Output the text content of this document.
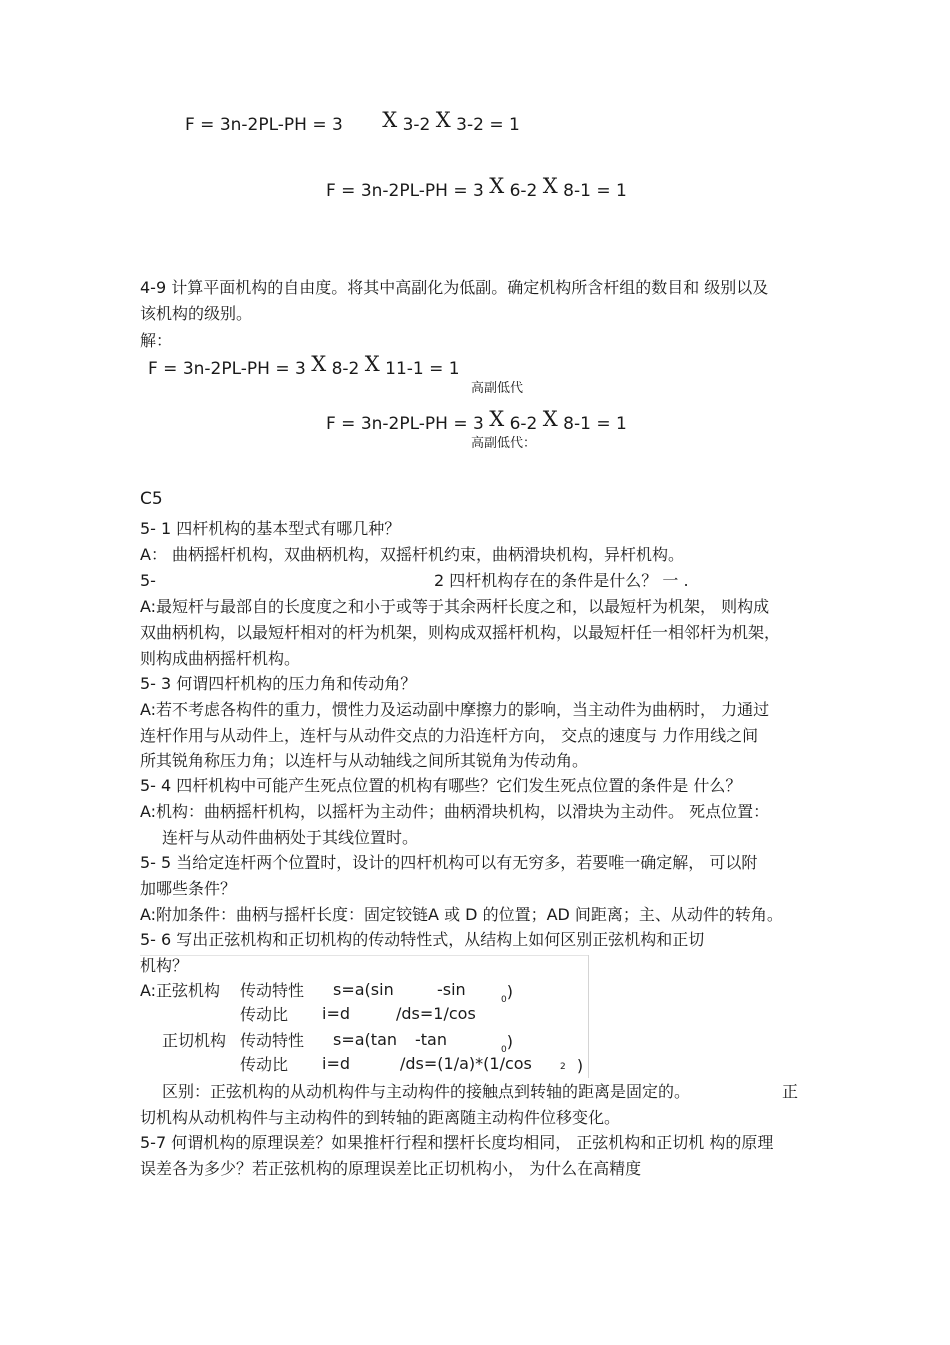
F = 3n-2PL-PH = 3 X 3-2 X 3-2 = 1
F = 3n-2PL-PH = 3 X 6-2 X 8-1 = 1
4-9 计算平面机构的自由度。将其中高副化为低副。确定机构所含杆组的数目和 级别以及
该机构的级别。
解：
F = 3n-2PL-PH = 3 X 8-2 X 11-1 = 1
高副低代
F = 3n-2PL-PH = 3 X 6-2 X 8-1 = 1
高副低代：
C5
5- 1 四杆机构的基本型式有哪几种？
A： 曲柄摇杆机构，双曲柄机构，双摇杆机约束，曲柄滑块机构，异杆机构。
5-	2 四杆机构存在的条件是什么？ 一 .
A:最短杆与最部自的长度度之和小于或等于其余两杆长度之和，以最短杆为机架， 则构成
双曲柄机构，以最短杆相对的杆为机架，则构成双摇杆机构，以最短杆任一相邻杆为机架，
则构成曲柄摇杆机构。
5- 3 何谓四杆机构的压力角和传动角？
A:若不考虑各构件的重力，惯性力及运动副中摩擦力的影响，当主动件为曲柄时， 力通过
连杆作用与从动件上，连杆与从动件交点的力沿连杆方向， 交点的速度与 力作用线之间
所其锐角称压力角；以连杆与从动轴线之间所其锐角为传动角。
5- 4 四杆机构中可能产生死点位置的机构有哪些？它们发生死点位置的条件是 什么？
A:机构：曲柄摇杆机构，以摇杆为主动件；曲柄滑块机构，以滑块为主动件。 死点位置：
连杆与从动件曲柄处于其线位置时。
5- 5 当给定连杆两个位置时，设计的四杆机构可以有无穷多，若要唯一确定解， 可以附
加哪些条件？
A:附加条件：曲柄与摇杆长度：固定铰链A 或 D 的位置；AD 间距离；主、从动件的转角。
5- 6 写出正弦机构和正切机构的传动特性式，从结构上如何区别正弦机构和正切
机构？
A:正弦机构 传动特性 s=a(sin	-sin
$_0$)
传动比 i=d	/ds=1/cos
正切机构 传动特性 s=a(tan -tan
$_0$)
传动比 i=d	/ds=(1/a)*(1/cos	2 )
区别：正弦机构的从动机构件与主动构件的接触点到转轴的距离是固定的。	正
切机构从动机构件与主动构件的到转轴的距离随主动构件位移变化。
5-7 何谓机构的原理误差？如果推杆行程和摆杆长度均相同， 正弦机构和正切机 构的原理
误差各为多少？若正弦机构的原理误差比正切机构小， 为什么在高精度
